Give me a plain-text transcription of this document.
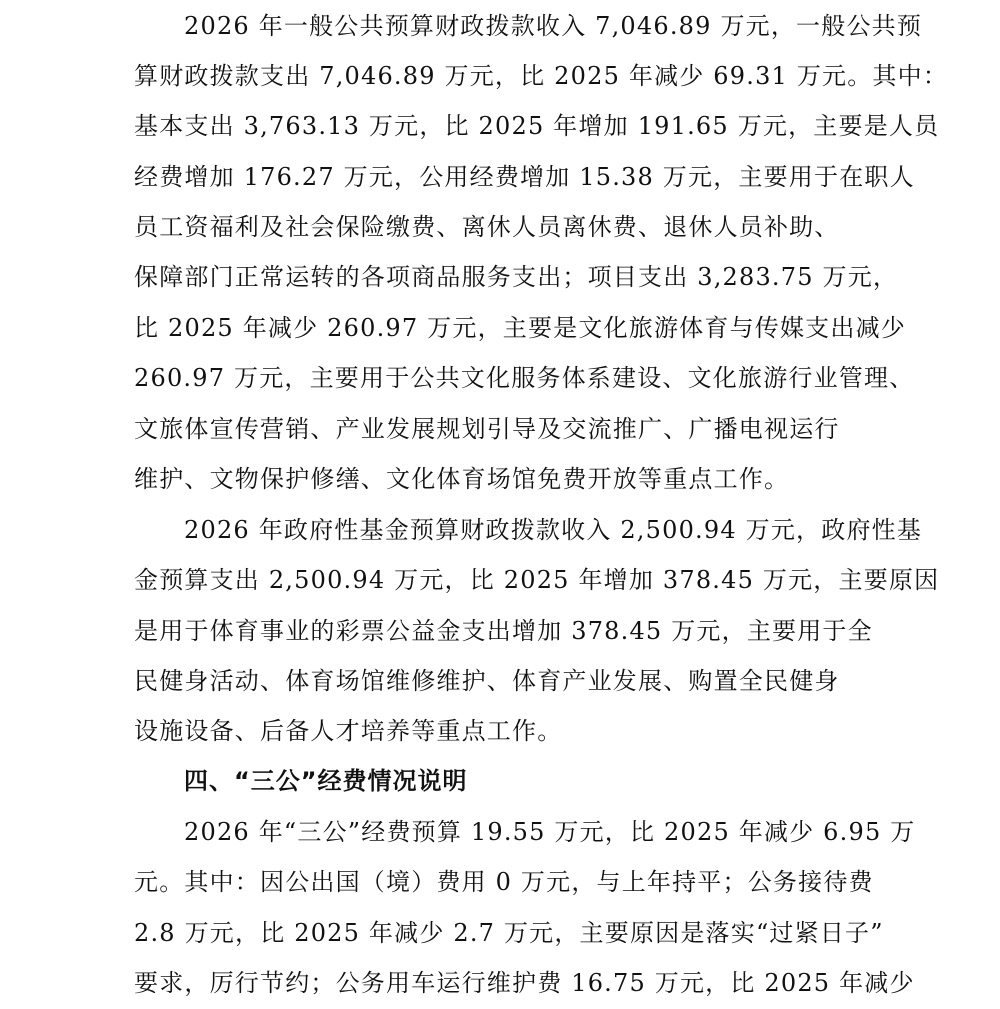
2026 年一般公共预算财政拨款收入 7,046.89 万元，一般公共预
算财政拨款支出 7,046.89 万元，比 2025 年减少 69.31 万元。其中：
基本支出 3,763.13 万元，比 2025 年增加 191.65 万元，主要是人员
经费增加 176.27 万元，公用经费增加 15.38 万元，主要用于在职人
员工资福利及社会保险缴费、离休人员离休费、退休人员补助、
保障部门正常运转的各项商品服务支出；项目支出 3,283.75 万元，
比 2025 年减少 260.97 万元，主要是文化旅游体育与传媒支出减少
260.97 万元，主要用于公共文化服务体系建设、文化旅游行业管理、
文旅体宣传营销、产业发展规划引导及交流推广、广播电视运行
维护、文物保护修缮、文化体育场馆免费开放等重点工作。
2026 年政府性基金预算财政拨款收入 2,500.94 万元，政府性基
金预算支出 2,500.94 万元，比 2025 年增加 378.45 万元，主要原因
是用于体育事业的彩票公益金支出增加 378.45 万元，主要用于全
民健身活动、体育场馆维修维护、体育产业发展、购置全民健身
设施设备、后备人才培养等重点工作。
四、“三公”经费情况说明
2026 年“三公”经费预算 19.55 万元，比 2025 年减少 6.95 万
元。其中：因公出国（境）费用 0 万元，与上年持平；公务接待费
2.8 万元，比 2025 年减少 2.7 万元，主要原因是落实“过紧日子”
要求，厉行节约；公务用车运行维护费 16.75 万元，比 2025 年减少
